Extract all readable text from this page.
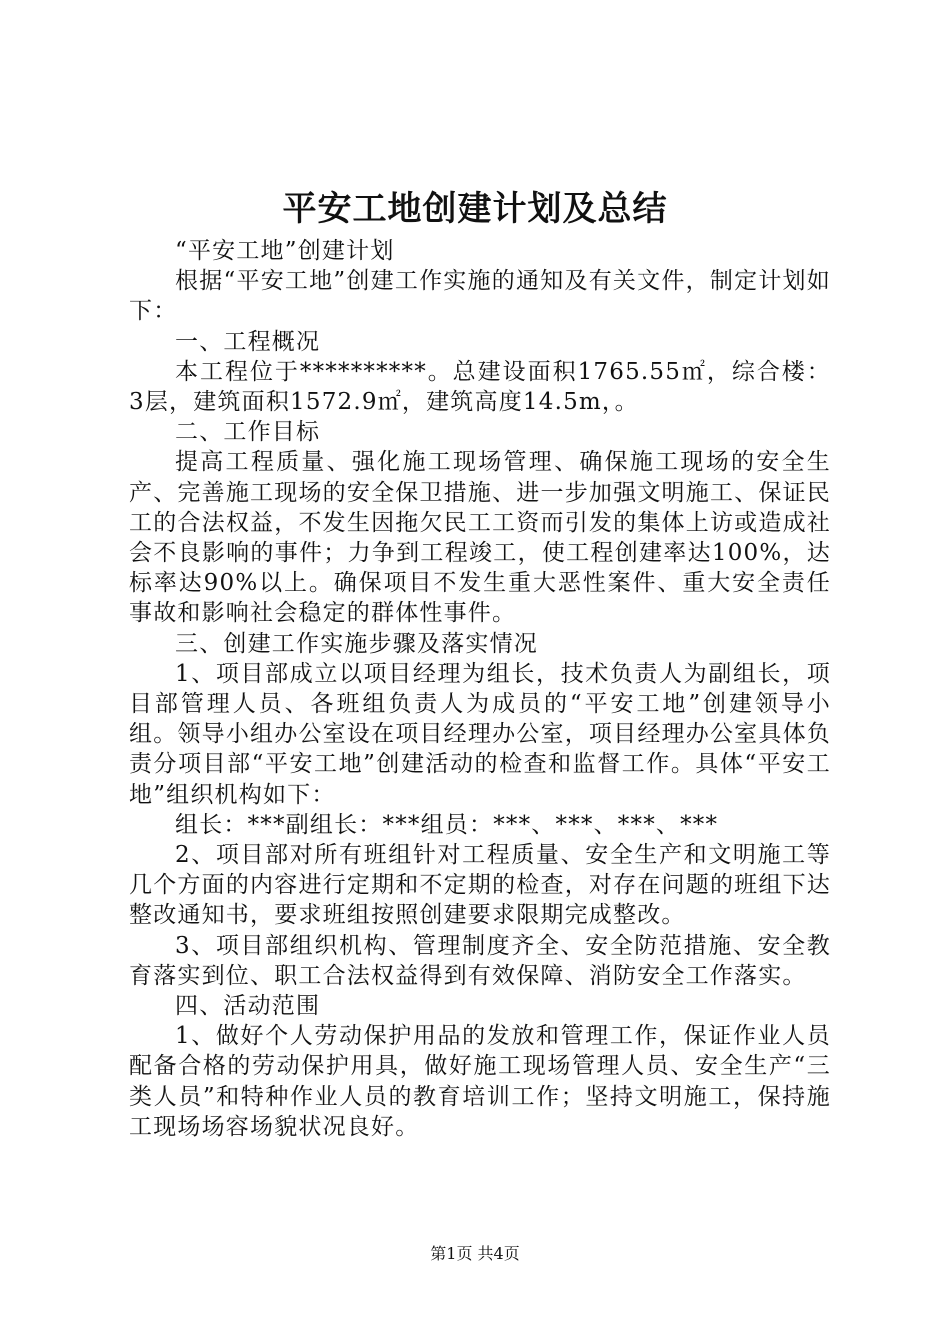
平安工地创建计划及总结

“平安工地”创建计划

根据“平安工地”创建工作实施的通知及有关文件，制定计划如下：

一、工程概况

本工程位于**********。总建设面积1765.55㎡，综合楼：3层，建筑面积1572.9㎡，建筑高度14.5m，。

二、工作目标

提高工程质量、强化施工现场管理、确保施工现场的安全生产、完善施工现场的安全保卫措施、进一步加强文明施工、保证民工的合法权益，不发生因拖欠民工工资而引发的集体上访或造成社会不良影响的事件；力争到工程竣工，使工程创建率达100%，达标率达90%以上。确保项目不发生重大恶性案件、重大安全责任事故和影响社会稳定的群体性事件。

三、创建工作实施步骤及落实情况

1、项目部成立以项目经理为组长，技术负责人为副组长，项目部管理人员、各班组负责人为成员的“平安工地”创建领导小组。领导小组办公室设在项目经理办公室，项目经理办公室具体负责分项目部“平安工地”创建活动的检查和监督工作。具体“平安工地”组织机构如下：

组长：***副组长：***组员：***、***、***、***

2、项目部对所有班组针对工程质量、安全生产和文明施工等几个方面的内容进行定期和不定期的检查，对存在问题的班组下达整改通知书，要求班组按照创建要求限期完成整改。

3、项目部组织机构、管理制度齐全、安全防范措施、安全教育落实到位、职工合法权益得到有效保障、消防安全工作落实。

四、活动范围

1、做好个人劳动保护用品的发放和管理工作，保证作业人员配备合格的劳动保护用具，做好施工现场管理人员、安全生产“三类人员”和特种作业人员的教育培训工作；坚持文明施工，保持施工现场场容场貌状况良好。

第1页 共4页
